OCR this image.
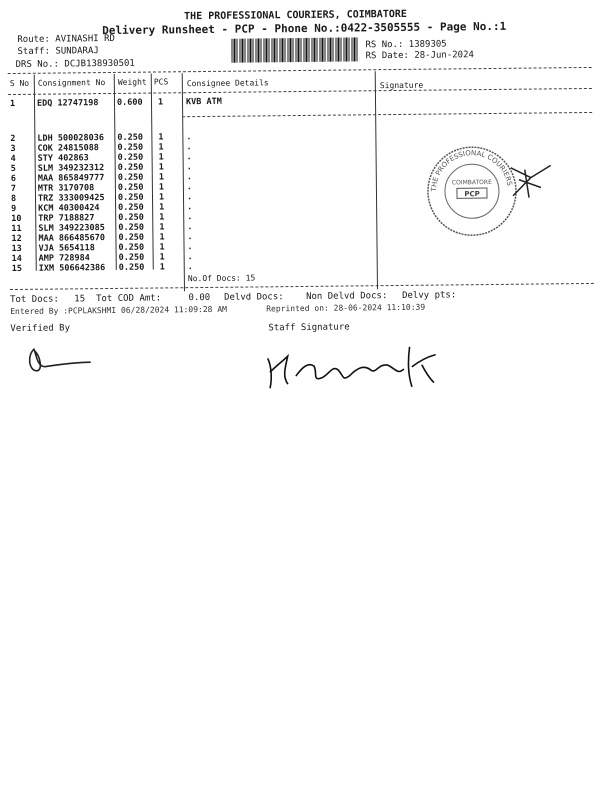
THE PROFESSIONAL COURIERS, COIMBATORE
Delivery Runsheet - PCP - Phone No.:0422-3505555 - Page No.:1
Route: AVINASHI RD
Staff: SUNDARAJ
DRS No.: DCJB138930501
RS No.: 1389305
RS Date: 28-Jun-2024
S No Consignment No Weight PCS Consignee Details	Signature
1	EDQ 12747198 0.600 1	KVB ATM
2	LDH 500028036 0.250 1	.
3	COK 24815088 0.250 1	.
4	STY 402863	0.250 1	.
5	SLM 349232312 0.250 1	.
6	MAA 865849777 0.250 1	.
7	MTR 3170708	0.250 1	.
8	TRZ 333009425 0.250 1	.
9	KCM 40300424 0.250 1	.
10 TRP 7188827	0.250 1	.
11 SLM 349223085 0.250 1	.
12 MAA 866485670 0.250 1	.
13 VJA 5654118	0.250 1	.
14 AMP 728984	0.250 1	.
15 IXM 506642386 0.250 1	.
No.Of Docs: 15
Tot Docs: 15 Tot COD Amt:	0.00 Delvd Docs: Non Delvd Docs: Delvy pts:
Entered By :PCPLAKSHMI 06/28/2024 11:09:28 AM	Reprinted on: 28-06-2024 11:10:39
Verified By	Staff Signature
THE PROFESSIONAL COURIERS
COIMBATORE
PCP
